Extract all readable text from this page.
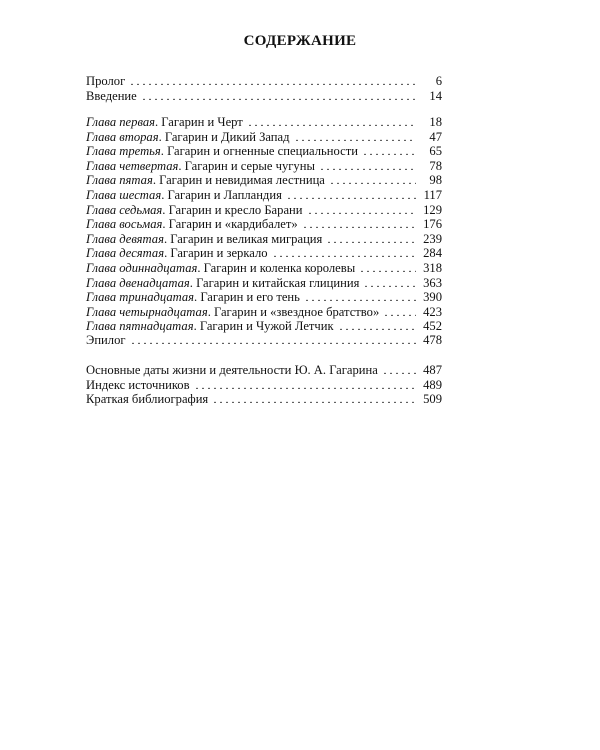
СОДЕРЖАНИЕ
Пролог	6
Введение	14
Глава первая. Гагарин и Черт	18
Глава вторая. Гагарин и Дикий Запад	47
Глава третья. Гагарин и огненные специальности	65
Глава четвертая. Гагарин и серые чугуны	78
Глава пятая. Гагарин и невидимая лестница	98
Глава шестая. Гагарин и Лапландия	117
Глава седьмая. Гагарин и кресло Барани	129
Глава восьмая. Гагарин и «кардибалет»	176
Глава девятая. Гагарин и великая миграция	239
Глава десятая. Гагарин и зеркало	284
Глава одиннадцатая. Гагарин и коленка королевы	318
Глава двенадцатая. Гагарин и китайская глициния	363
Глава тринадцатая. Гагарин и его тень	390
Глава четырнадцатая. Гагарин и «звездное братство»	423
Глава пятнадцатая. Гагарин и Чужой Летчик	452
Эпилог	478
Основные даты жизни и деятельности Ю. А. Гагарина	487
Индекс источников	489
Краткая библиография	509
